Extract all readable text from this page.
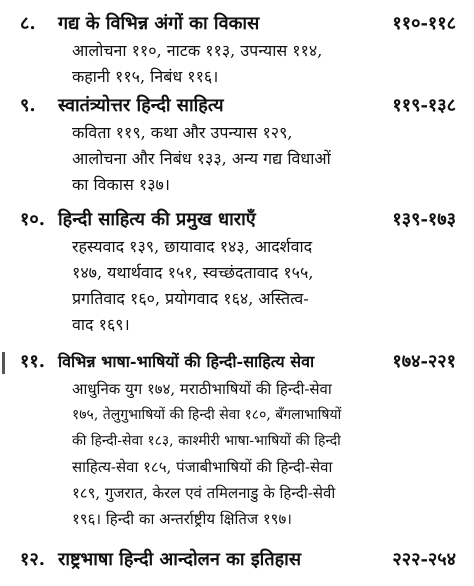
८. गद्य के विभिन्न अंगों का विकास	११०-११८
आलोचना ११०, नाटक ११३, उपन्यास ११४,
कहानी ११५, निबंध ११६।
९. स्वातंत्र्योत्तर हिन्दी साहित्य	११९-१३८
कविता ११९, कथा और उपन्यास १२९,
आलोचना और निबंध १३३, अन्य गद्य विधाओं
का विकास १३७।
१०. हिन्दी साहित्य की प्रमुख धाराएँ	१३९-१७३
रहस्यवाद १३९, छायावाद १४३, आदर्शवाद
१४७, यथार्थवाद १५१, स्वच्छंदतावाद १५५,
प्रगतिवाद १६०, प्रयोगवाद १६४, अस्तित्व-
वाद १६९।
११. विभिन्न भाषा-भाषियों की हिन्दी-साहित्य सेवा	१७४-२२१
आधुनिक युग १७४, मराठीभाषियों की हिन्दी-सेवा
१७५, तेलुगुभाषियों की हिन्दी सेवा १८०, बँगलाभाषियों
की हिन्दी-सेवा १८३, काश्मीरी भाषा-भाषियों की हिन्दी
साहित्य-सेवा १८५, पंजाबीभाषियों की हिन्दी-सेवा
१८९, गुजरात, केरल एवं तमिलनाडु के हिन्दी-सेवी
१९६। हिन्दी का अन्तर्राष्ट्रीय क्षितिज १९७।
१२. राष्ट्रभाषा हिन्दी आन्दोलन का इतिहास	२२२-२५४
